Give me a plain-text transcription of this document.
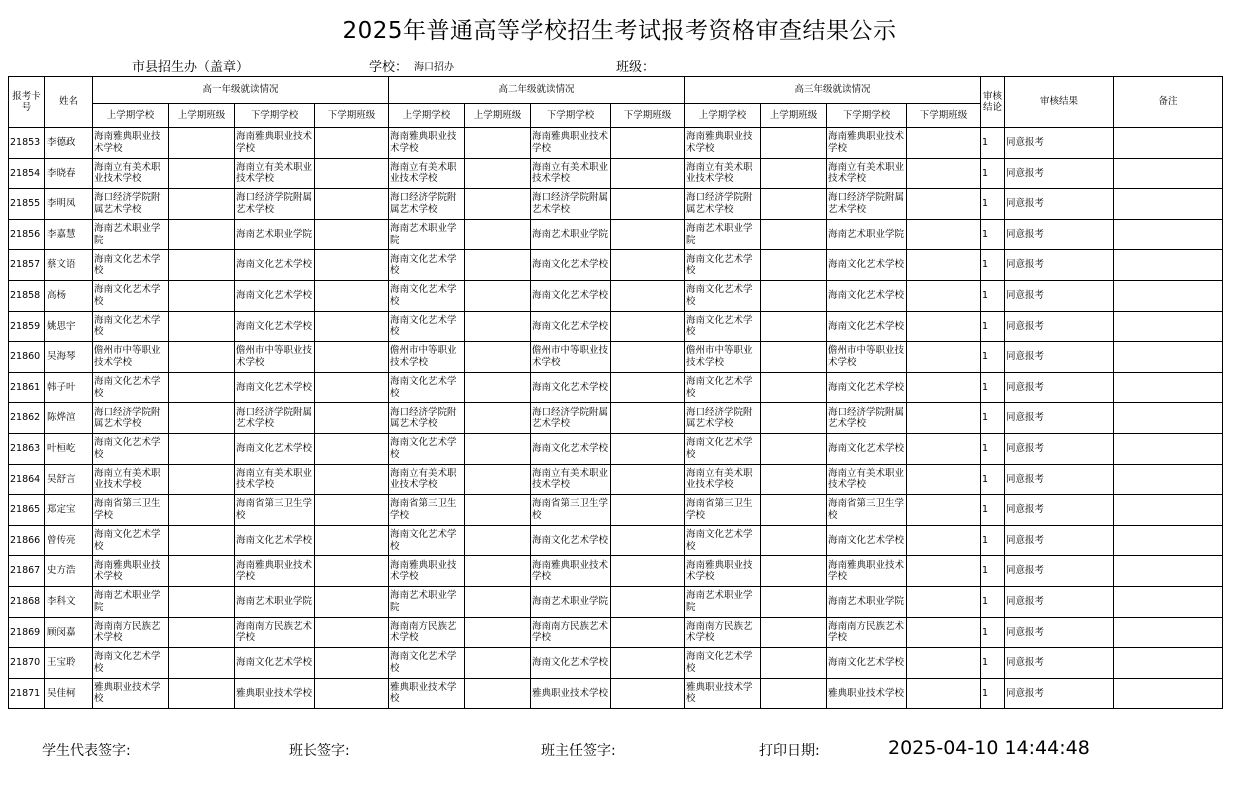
2025年普通高等学校招生考试报考资格审查结果公示
市县招生办（盖章）	学校： 海口招办	班级：
报考卡号	姓名	高一年级就读情况				高二年级就读情况				高三年级就读情况				审核结论	审核结果	备注
		上学期学校	上学期班级	下学期学校	下学期班级	上学期学校	上学期班级	下学期学校	下学期班级	上学期学校	上学期班级	下学期学校	下学期班级			
21853	李德政	海南雅典职业技术学校		海南雅典职业技术学校		海南雅典职业技术学校		海南雅典职业技术学校		海南雅典职业技术学校		海南雅典职业技术学校		1	同意报考	
21854	李晓春	海南立有美术职业技术学校		海南立有美术职业技术学校		海南立有美术职业技术学校		海南立有美术职业技术学校		海南立有美术职业技术学校		海南立有美术职业技术学校		1	同意报考	
21855	李明凤	海口经济学院附属艺术学校		海口经济学院附属艺术学校		海口经济学院附属艺术学校		海口经济学院附属艺术学校		海口经济学院附属艺术学校		海口经济学院附属艺术学校		1	同意报考	
21856	李嘉慧	海南艺术职业学院		海南艺术职业学院		海南艺术职业学院		海南艺术职业学院		海南艺术职业学院		海南艺术职业学院		1	同意报考	
21857	蔡文语	海南文化艺术学校		海南文化艺术学校		海南文化艺术学校		海南文化艺术学校		海南文化艺术学校		海南文化艺术学校		1	同意报考	
21858	高杨	海南文化艺术学校		海南文化艺术学校		海南文化艺术学校		海南文化艺术学校		海南文化艺术学校		海南文化艺术学校		1	同意报考	
21859	姚思宇	海南文化艺术学校		海南文化艺术学校		海南文化艺术学校		海南文化艺术学校		海南文化艺术学校		海南文化艺术学校		1	同意报考	
21860	吴海琴	儋州市中等职业技术学校		儋州市中等职业技术学校		儋州市中等职业技术学校		儋州市中等职业技术学校		儋州市中等职业技术学校		儋州市中等职业技术学校		1	同意报考	
21861	韩子叶	海南文化艺术学校		海南文化艺术学校		海南文化艺术学校		海南文化艺术学校		海南文化艺术学校		海南文化艺术学校		1	同意报考	
21862	陈烨渲	海口经济学院附属艺术学校		海口经济学院附属艺术学校		海口经济学院附属艺术学校		海口经济学院附属艺术学校		海口经济学院附属艺术学校		海口经济学院附属艺术学校		1	同意报考	
21863	叶桓屹	海南文化艺术学校		海南文化艺术学校		海南文化艺术学校		海南文化艺术学校		海南文化艺术学校		海南文化艺术学校		1	同意报考	
21864	吴舒言	海南立有美术职业技术学校		海南立有美术职业技术学校		海南立有美术职业技术学校		海南立有美术职业技术学校		海南立有美术职业技术学校		海南立有美术职业技术学校		1	同意报考	
21865	郑定宝	海南省第三卫生学校		海南省第三卫生学校		海南省第三卫生学校		海南省第三卫生学校		海南省第三卫生学校		海南省第三卫生学校		1	同意报考	
21866	曾传亮	海南文化艺术学校		海南文化艺术学校		海南文化艺术学校		海南文化艺术学校		海南文化艺术学校		海南文化艺术学校		1	同意报考	
21867	史方浩	海南雅典职业技术学校		海南雅典职业技术学校		海南雅典职业技术学校		海南雅典职业技术学校		海南雅典职业技术学校		海南雅典职业技术学校		1	同意报考	
21868	李科文	海南艺术职业学院		海南艺术职业学院		海南艺术职业学院		海南艺术职业学院		海南艺术职业学院		海南艺术职业学院		1	同意报考	
21869	顾闵嘉	海南南方民族艺术学校		海南南方民族艺术学校		海南南方民族艺术学校		海南南方民族艺术学校		海南南方民族艺术学校		海南南方民族艺术学校		1	同意报考	
21870	王宝聆	海南文化艺术学校		海南文化艺术学校		海南文化艺术学校		海南文化艺术学校		海南文化艺术学校		海南文化艺术学校		1	同意报考	
21871	吴佳柯	雅典职业技术学校		雅典职业技术学校		雅典职业技术学校		雅典职业技术学校		雅典职业技术学校		雅典职业技术学校		1	同意报考	
学生代表签字:	班长签字:	班主任签字:	打印日期:	2025-04-10 14:44:48
